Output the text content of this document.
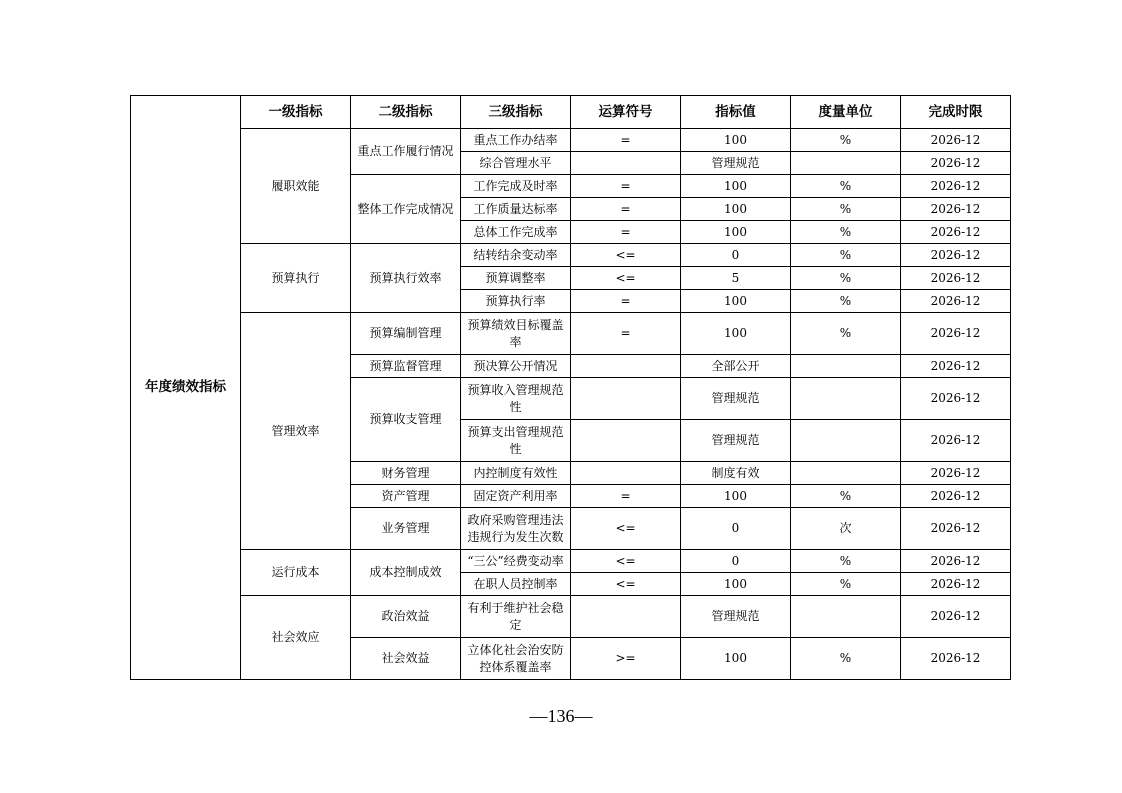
年度绩效指标	一级指标	二级指标	三级指标	运算符号	指标值	度量单位	完成时限
	履职效能	重点工作履行情况	重点工作办结率	=	100	%	2026-12
			综合管理水平		管理规范		2026-12
		整体工作完成情况	工作完成及时率	=	100	%	2026-12
			工作质量达标率	=	100	%	2026-12
			总体工作完成率	=	100	%	2026-12
	预算执行	预算执行效率	结转结余变动率	<=	0	%	2026-12
			预算调整率	<=	5	%	2026-12
			预算执行率	=	100	%	2026-12
	管理效率	预算编制管理	预算绩效目标覆盖率	=	100	%	2026-12
		预算监督管理	预决算公开情况		全部公开		2026-12
		预算收支管理	预算收入管理规范性		管理规范		2026-12
			预算支出管理规范性		管理规范		2026-12
		财务管理	内控制度有效性		制度有效		2026-12
		资产管理	固定资产利用率	=	100	%	2026-12
		业务管理	政府采购管理违法违规行为发生次数	<=	0	次	2026-12
	运行成本	成本控制成效	“三公”经费变动率	<=	0	%	2026-12
			在职人员控制率	<=	100	%	2026-12
	社会效应	政治效益	有利于维护社会稳定		管理规范		2026-12
		社会效益	立体化社会治安防控体系覆盖率	>=	100	%	2026-12
—136—
